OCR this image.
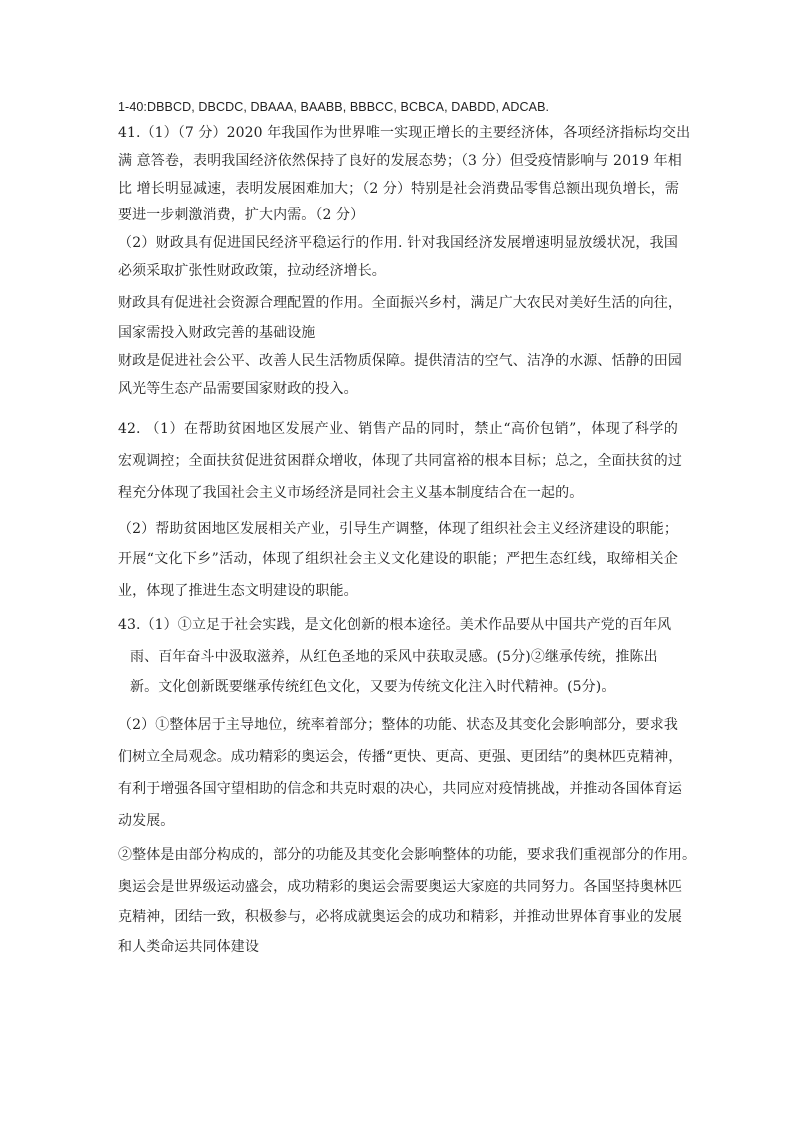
1-40:DBBCD, DBCDC, DBAAA, BAABB, BBBCC, BCBCA, DABDD, ADCAB.
41.（1）（7 分）2020 年我国作为世界唯一实现正增长的主要经济体，各项经济指标均交出
满 意答卷，表明我国经济依然保持了良好的发展态势；（3 分）但受疫情影响与 2019 年相
比 增长明显减速，表明发展困难加大；（2 分）特别是社会消费品零售总额出现负增长，需
要进一步刺激消费，扩大内需。（2 分）
（2）财政具有促进国民经济平稳运行的作用. 针对我国经济发展增速明显放缓状况，我国
必须采取扩张性财政政策，拉动经济增长。
财政具有促进社会资源合理配置的作用。全面振兴乡村，满足广大农民对美好生活的向往，
国家需投入财政完善的基础设施
财政是促进社会公平、改善人民生活物质保障。提供清洁的空气、洁净的水源、恬静的田园
风光等生态产品需要国家财政的投入。
42. （1）在帮助贫困地区发展产业、销售产品的同时，禁止“高价包销”，体现了科学的
宏观调控；全面扶贫促进贫困群众增收，体现了共同富裕的根本目标；总之，全面扶贫的过
程充分体现了我国社会主义市场经济是同社会主义基本制度结合在一起的。
（2）帮助贫困地区发展相关产业，引导生产调整，体现了组织社会主义经济建设的职能；
开展“文化下乡”活动，体现了组织社会主义文化建设的职能；严把生态红线，取缔相关企
业，体现了推进生态文明建设的职能。
43.（1）①立足于社会实践，是文化创新的根本途径。美术作品要从中国共产党的百年风
雨、百年奋斗中汲取滋养，从红色圣地的采风中获取灵感。(5分)②继承传统，推陈出
新。文化创新既要继承传统红色文化，又要为传统文化注入时代精神。(5分)。
（2）①整体居于主导地位，统率着部分；整体的功能、状态及其变化会影响部分，要求我
们树立全局观念。成功精彩的奥运会，传播“更快、更高、更强、更团结”的奥林匹克精神，
有利于增强各国守望相助的信念和共克时艰的决心，共同应对疫情挑战，并推动各国体育运
动发展。
②整体是由部分构成的，部分的功能及其变化会影响整体的功能，要求我们重视部分的作用。
奥运会是世界级运动盛会，成功精彩的奥运会需要奥运大家庭的共同努力。各国坚持奥林匹
克精神，团结一致，积极参与，必将成就奥运会的成功和精彩，并推动世界体育事业的发展
和人类命运共同体建设
